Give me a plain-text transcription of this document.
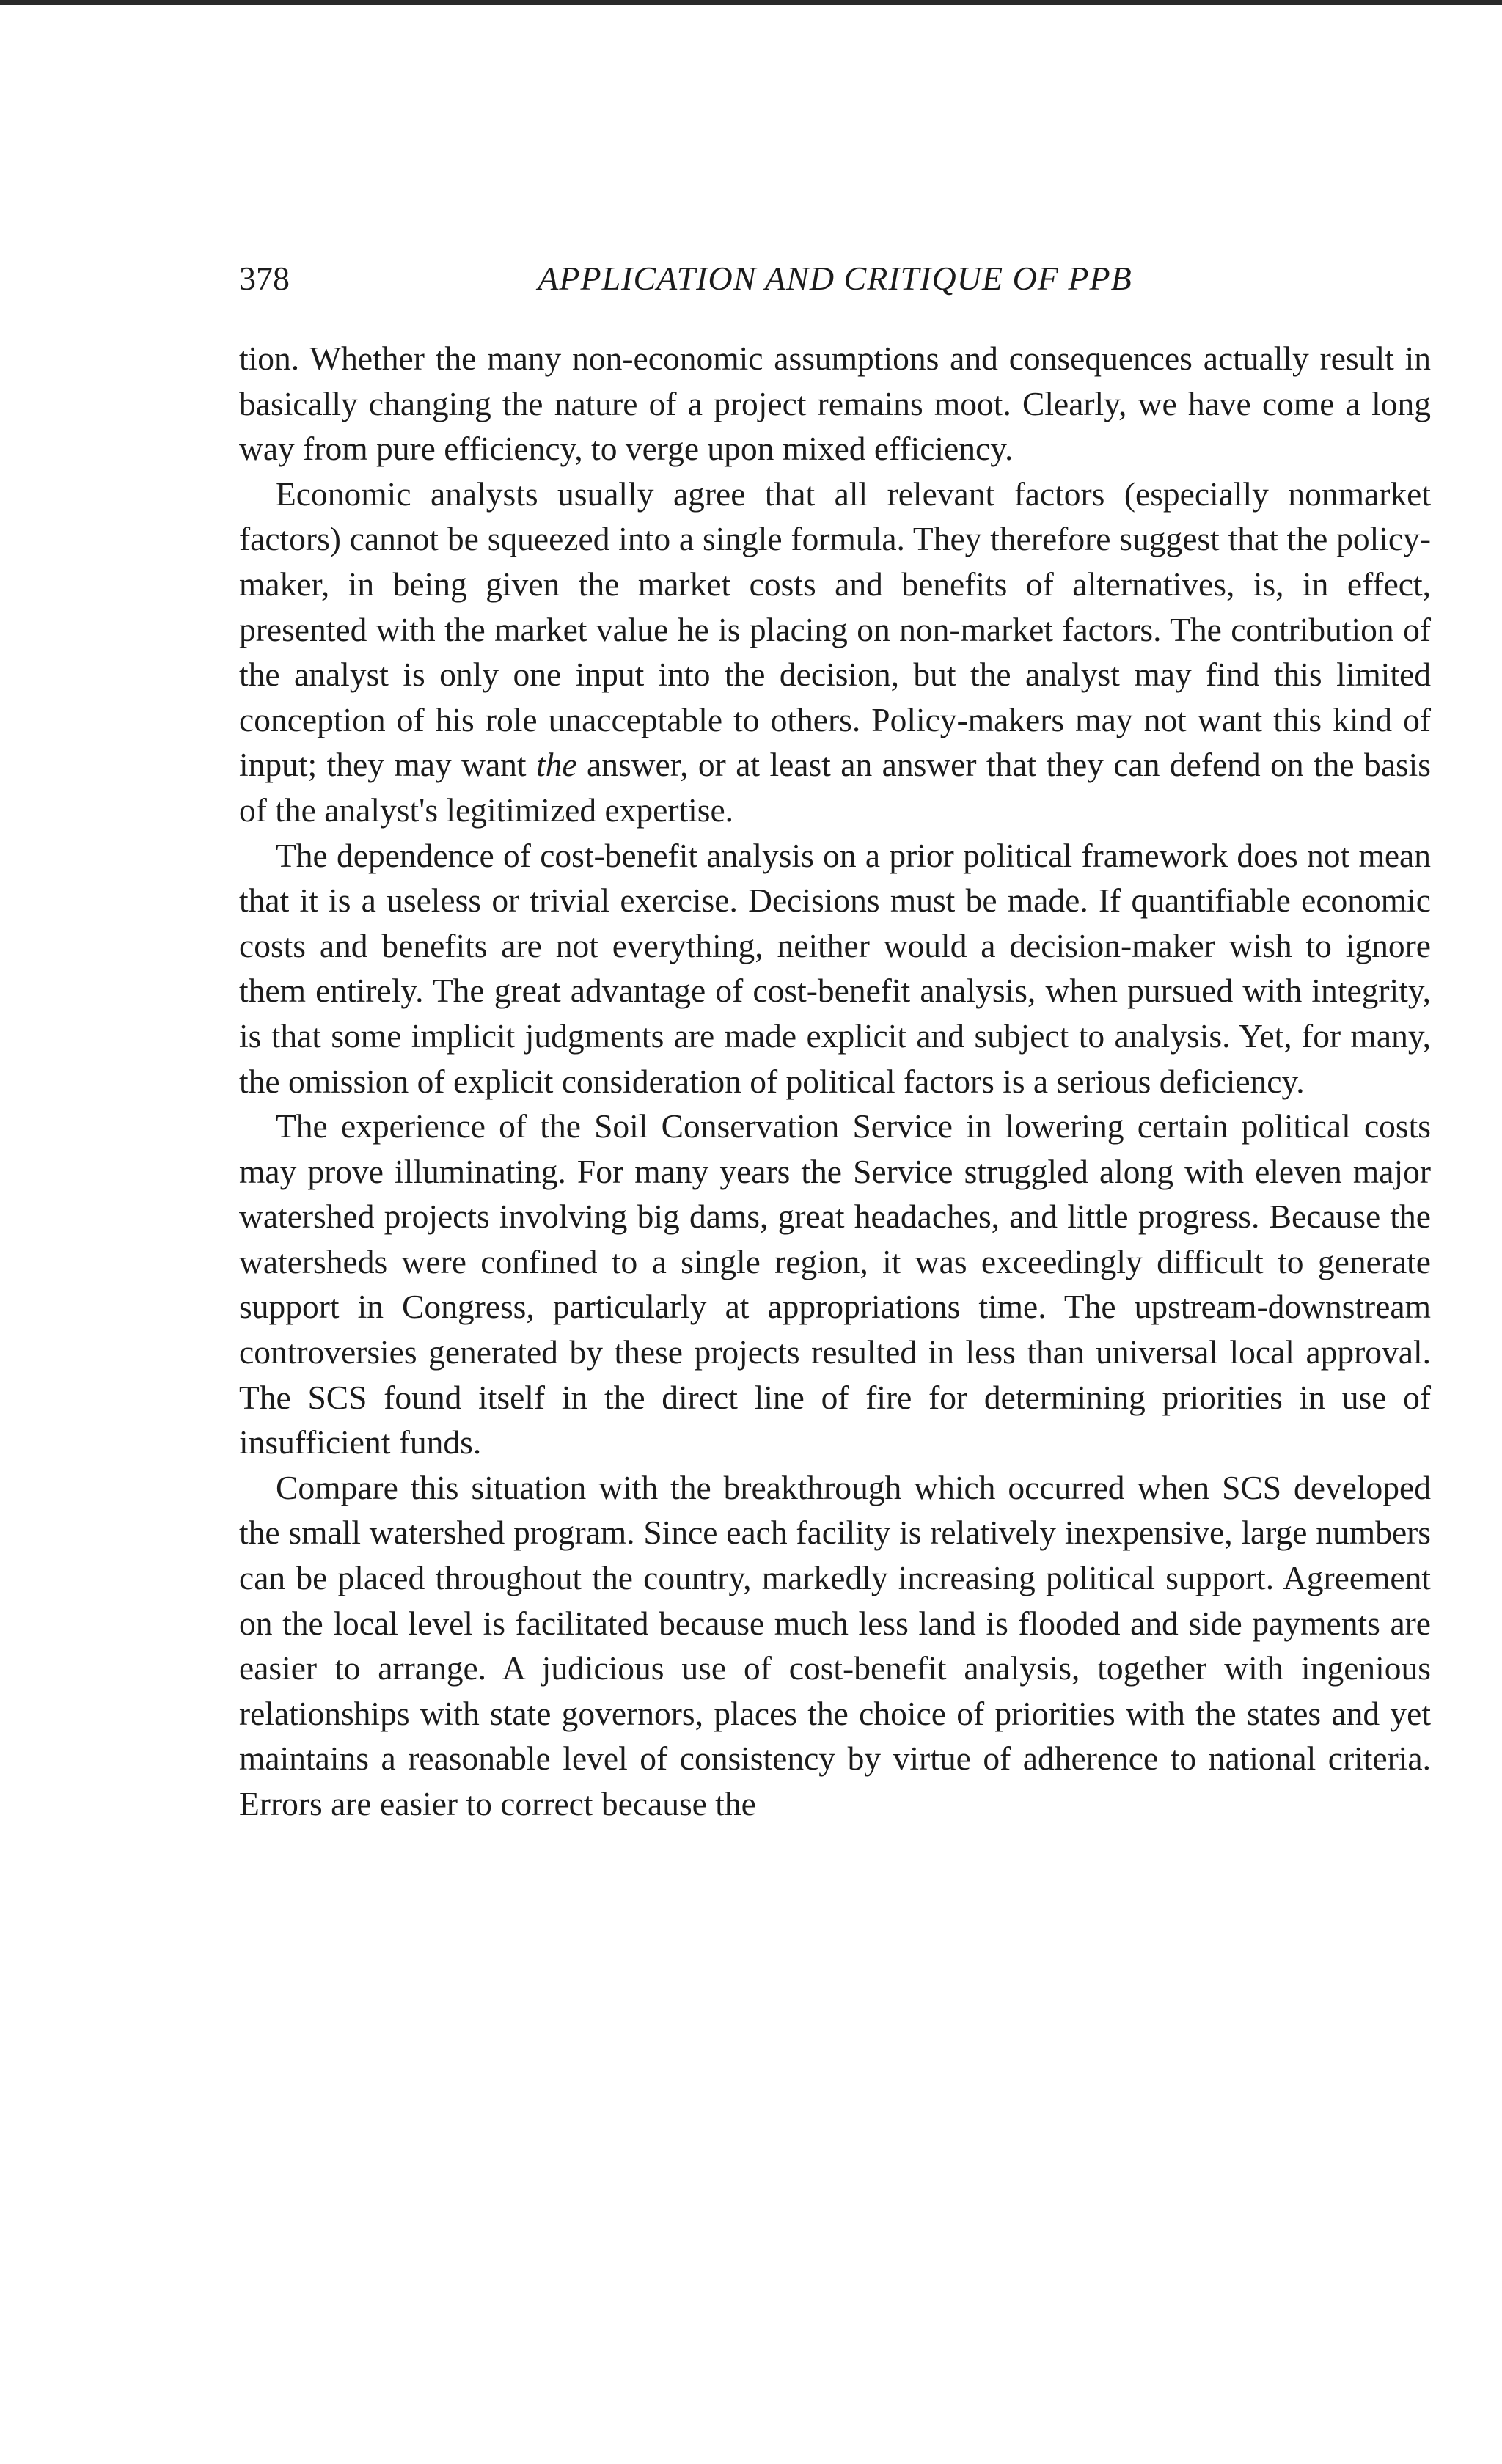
378	APPLICATION AND CRITIQUE OF PPB

tion. Whether the many non-economic assumptions and consequences actually result in basically changing the nature of a project remains moot. Clearly, we have come a long way from pure efficiency, to verge upon mixed efficiency.

Economic analysts usually agree that all relevant factors (especially nonmarket factors) cannot be squeezed into a single formula. They therefore suggest that the policy-maker, in being given the market costs and benefits of alternatives, is, in effect, presented with the market value he is placing on non-market factors. The contribution of the analyst is only one input into the decision, but the analyst may find this limited conception of his role unacceptable to others. Policy-makers may not want this kind of input; they may want the answer, or at least an answer that they can defend on the basis of the analyst's legitimized expertise.

The dependence of cost-benefit analysis on a prior political framework does not mean that it is a useless or trivial exercise. Decisions must be made. If quantifiable economic costs and benefits are not everything, neither would a decision-maker wish to ignore them entirely. The great advantage of cost-benefit analysis, when pursued with integrity, is that some implicit judgments are made explicit and subject to analysis. Yet, for many, the omission of explicit consideration of political factors is a serious deficiency.

The experience of the Soil Conservation Service in lowering certain political costs may prove illuminating. For many years the Service struggled along with eleven major watershed projects involving big dams, great headaches, and little progress. Because the watersheds were confined to a single region, it was exceedingly difficult to generate support in Congress, particularly at appropriations time. The upstream-downstream controversies generated by these projects resulted in less than universal local approval. The SCS found itself in the direct line of fire for determining priorities in use of insufficient funds.

Compare this situation with the breakthrough which occurred when SCS developed the small watershed program. Since each facility is relatively inexpensive, large numbers can be placed throughout the country, markedly increasing political support. Agreement on the local level is facilitated because much less land is flooded and side payments are easier to arrange. A judicious use of cost-benefit analysis, together with ingenious relationships with state governors, places the choice of priorities with the states and yet maintains a reasonable level of consistency by virtue of adherence to national criteria. Errors are easier to correct because the
